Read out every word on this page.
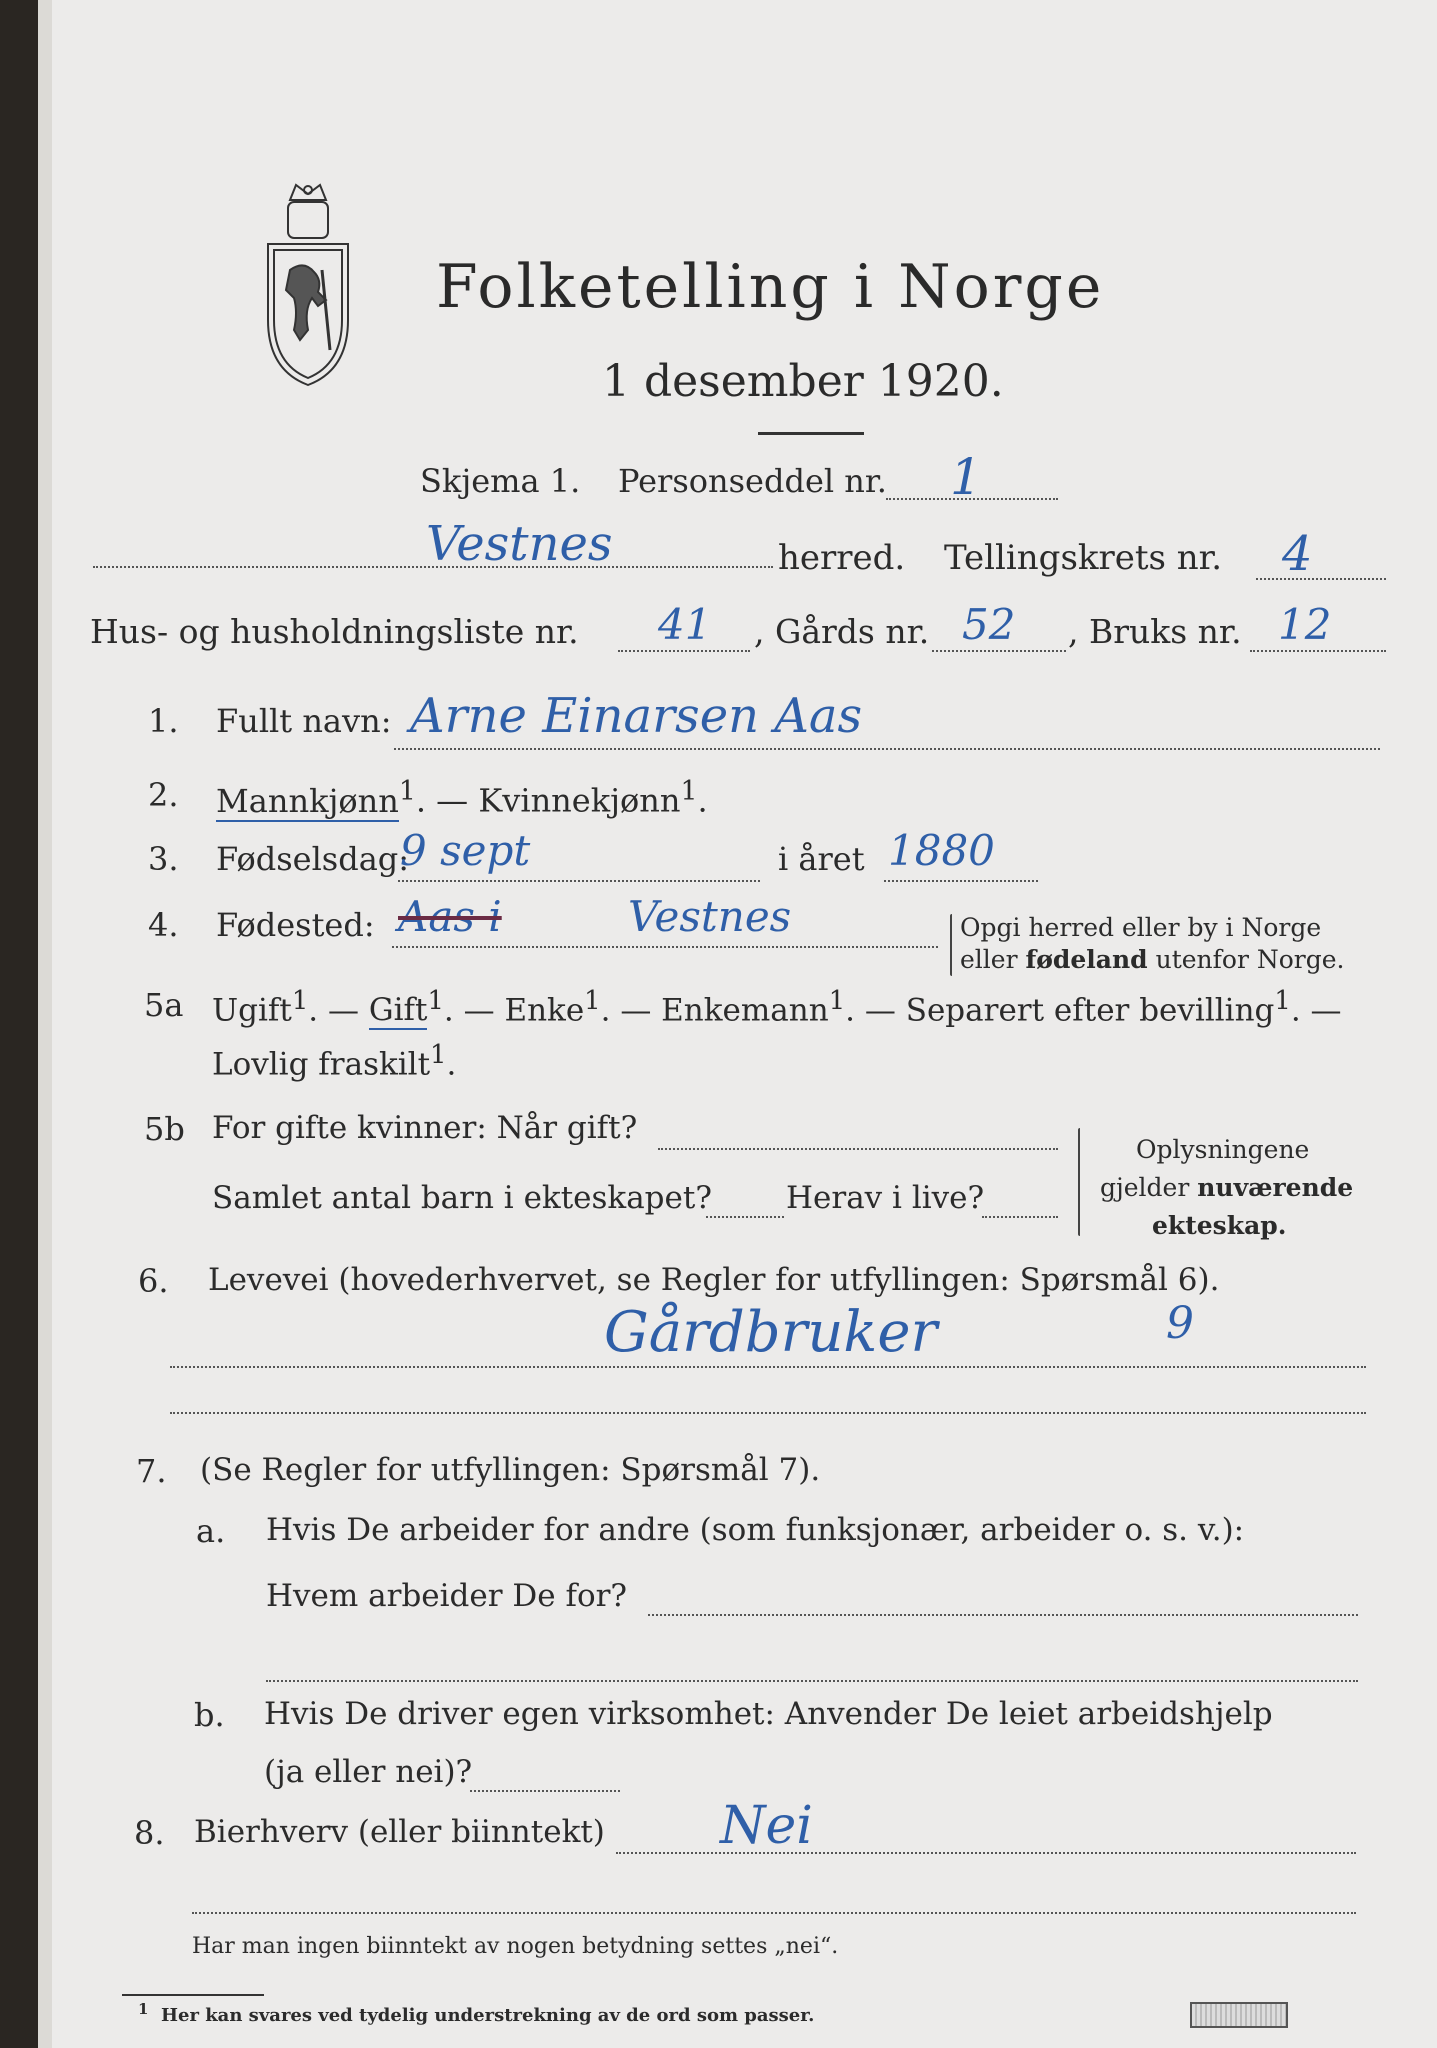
Folketelling i Norge
1 desember 1920.
Skjema 1. Personseddel nr. 1
Vestnes	herred. Tellingskrets nr. 4
Hus- og husholdningsliste nr. 41 , Gårds nr. 52 , Bruks nr. 12
1. Fullt navn: Arne Einarsen Aas
2. Mannkjønn$^1$. — Kvinnekjønn$^1$.
3. Fødselsdag:
9 sept	i året 1880
4. Fødested: Aas i	Vestnes	Opgi herred eller by i Norge
eller fødeland utenfor Norge.
5a Ugift$^1$. — Gift$^1$. — Enke$^1$. — Enkemann$^1$. — Separert efter bevilling$^1$. —
Lovlig fraskilt$^1$.
5b For gifte kvinner: Når gift?
Samlet antal barn i ekteskapet? Herav i live?
Oplysningene
gjelder nuværende
ekteskap.
6. Levevei (hovederhvervet, se Regler for utfyllingen: Spørsmål 6).
Gårdbruker	9
7. (Se Regler for utfyllingen: Spørsmål 7).
a. Hvis De arbeider for andre (som funksjonær, arbeider o. s. v.):
Hvem arbeider De for?
b. Hvis De driver egen virksomhet: Anvender De leiet arbeidshjelp
(ja eller nei)?
8. Bierhverv (eller biinntekt) Nei
Har man ingen biinntekt av nogen betydning settes „nei“.
$^1$ Her kan svares ved tydelig understrekning av de ord som passer.
